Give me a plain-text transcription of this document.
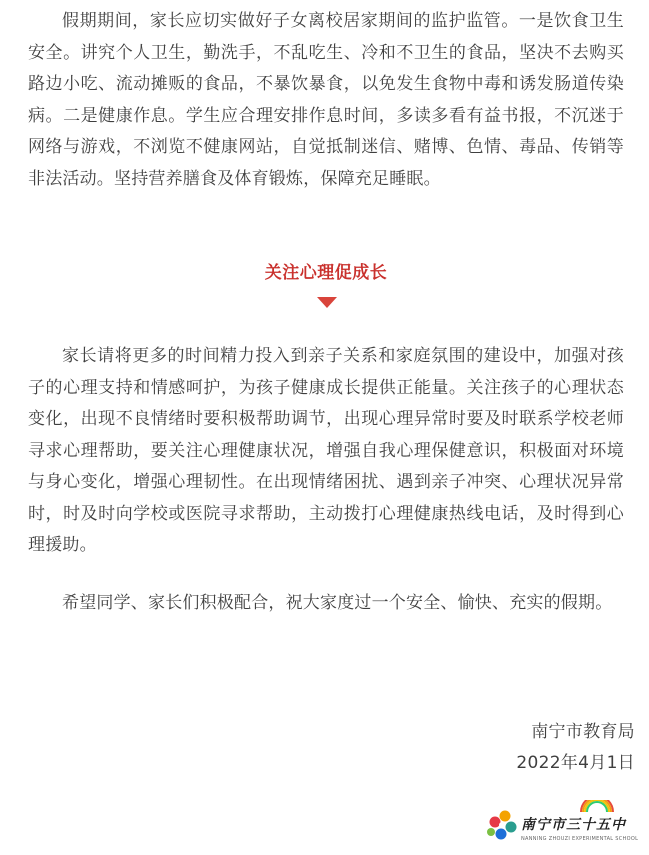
假期期间，家长应切实做好子女离校居家期间的监护监管。一是饮食卫生安全。讲究个人卫生，勤洗手，不乱吃生、冷和不卫生的食品，坚决不去购买路边小吃、流动摊贩的食品，不暴饮暴食，以免发生食物中毒和诱发肠道传染病。二是健康作息。学生应合理安排作息时间，多读多看有益书报，不沉迷于网络与游戏，不浏览不健康网站，自觉抵制迷信、赌博、色情、毒品、传销等非法活动。坚持营养膳食及体育锻炼，保障充足睡眠。

关注心理促成长

家长请将更多的时间精力投入到亲子关系和家庭氛围的建设中，加强对孩子的心理支持和情感呵护，为孩子健康成长提供正能量。关注孩子的心理状态变化，出现不良情绪时要积极帮助调节，出现心理异常时要及时联系学校老师寻求心理帮助，要关注心理健康状况，增强自我心理保健意识，积极面对环境与身心变化，增强心理韧性。在出现情绪困扰、遇到亲子冲突、心理状况异常时，时及时向学校或医院寻求帮助，主动拨打心理健康热线电话，及时得到心理援助。

希望同学、家长们积极配合，祝大家度过一个安全、愉快、充实的假期。

南宁市教育局
2022年4月1日
南宁市三十五中
NANNING ZHOUZI EXPERIMENTAL SCHOOL
